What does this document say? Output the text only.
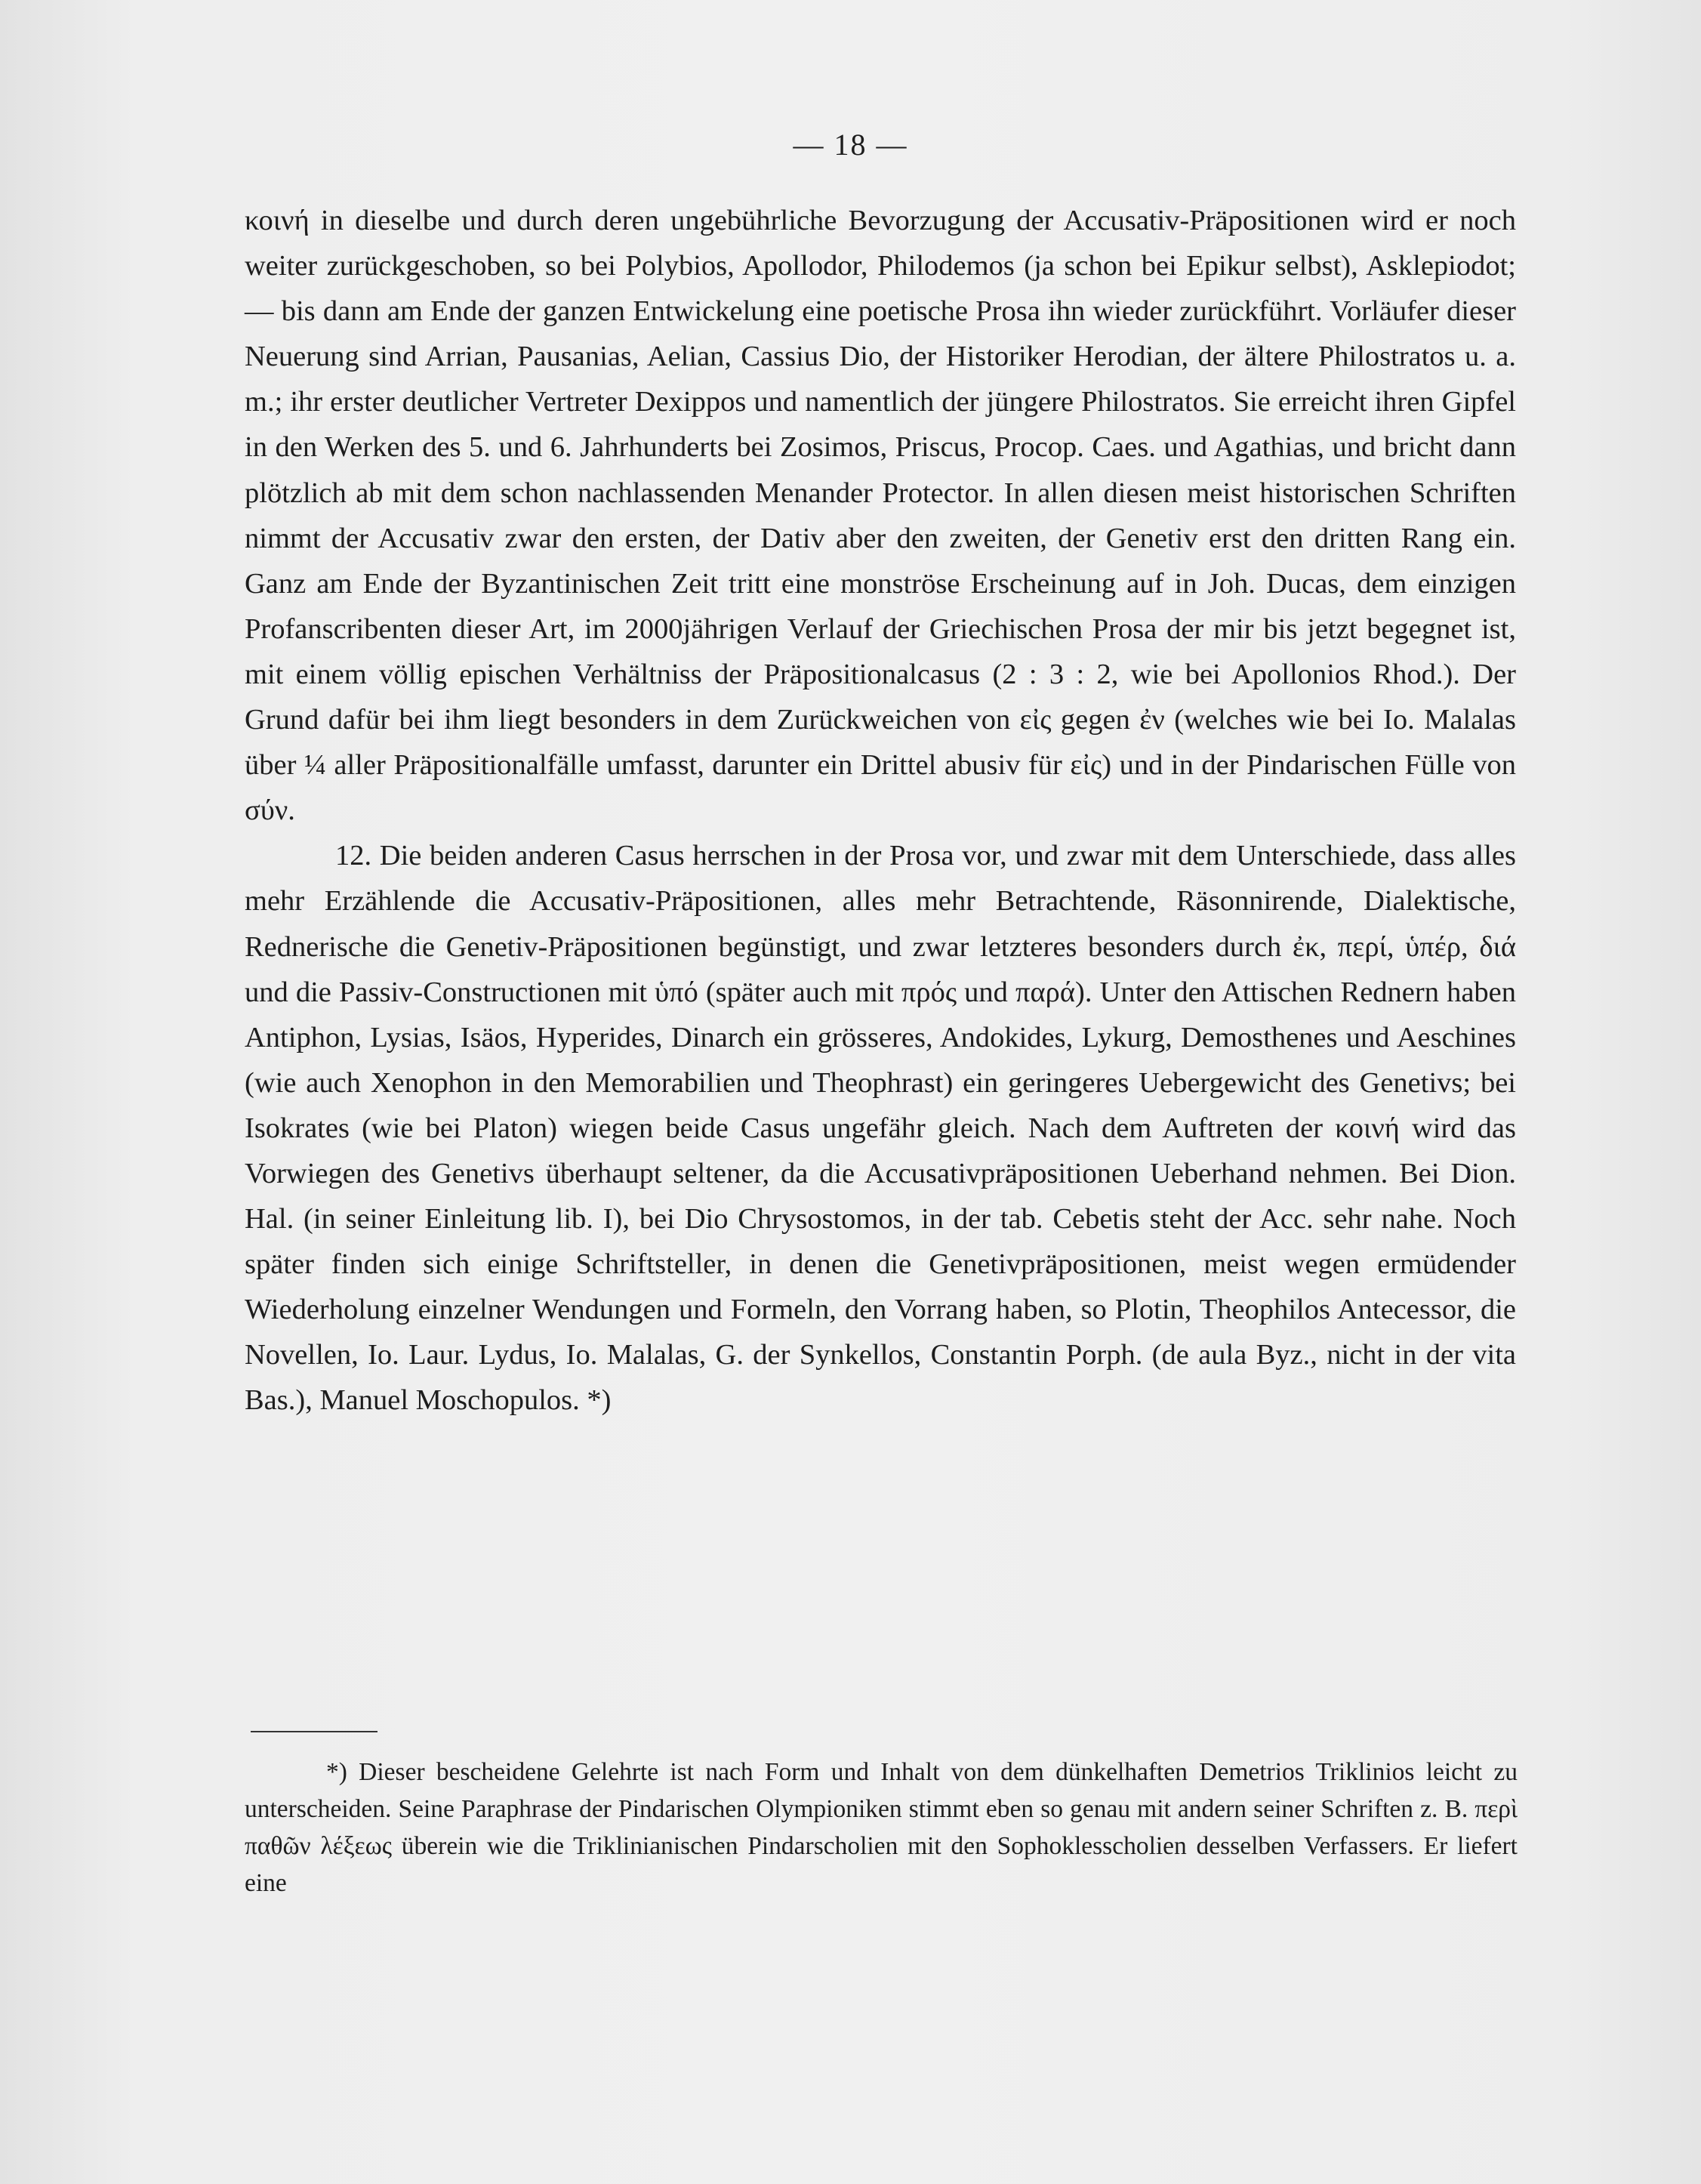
— 18 —

κοινή in dieselbe und durch deren ungebührliche Bevorzugung der Accusativ-Präpositionen wird er noch weiter zurückgeschoben, so bei Polybios, Apollodor, Philodemos (ja schon bei Epikur selbst), Asklepiodot; — bis dann am Ende der ganzen Entwickelung eine poetische Prosa ihn wieder zurückführt. Vorläufer dieser Neuerung sind Arrian, Pausanias, Aelian, Cassius Dio, der Historiker Herodian, der ältere Philostratos u. a. m.; ihr erster deutlicher Vertreter Dexippos und namentlich der jüngere Philostratos. Sie erreicht ihren Gipfel in den Werken des 5. und 6. Jahrhunderts bei Zosimos, Priscus, Procop. Caes. und Agathias, und bricht dann plötzlich ab mit dem schon nachlassenden Menander Protector. In allen diesen meist historischen Schriften nimmt der Accusativ zwar den ersten, der Dativ aber den zweiten, der Genetiv erst den dritten Rang ein. Ganz am Ende der Byzantinischen Zeit tritt eine monströse Erscheinung auf in Joh. Ducas, dem einzigen Profanscribenten dieser Art, im 2000jährigen Verlauf der Griechischen Prosa der mir bis jetzt begegnet ist, mit einem völlig epischen Verhältniss der Präpositionalcasus (2 : 3 : 2, wie bei Apollonios Rhod.). Der Grund dafür bei ihm liegt besonders in dem Zurückweichen von εἰς gegen ἐν (welches wie bei Io. Malalas über ¼ aller Präpositionalfälle umfasst, darunter ein Drittel abusiv für εἰς) und in der Pindarischen Fülle von σύν.

12. Die beiden anderen Casus herrschen in der Prosa vor, und zwar mit dem Unterschiede, dass alles mehr Erzählende die Accusativ-Präpositionen, alles mehr Betrachtende, Räsonnirende, Dialektische, Rednerische die Genetiv-Präpositionen begünstigt, und zwar letzteres besonders durch ἐκ, περί, ὑπέρ, διά und die Passiv-Constructionen mit ὑπό (später auch mit πρός und παρά). Unter den Attischen Rednern haben Antiphon, Lysias, Isäos, Hyperides, Dinarch ein grösseres, Andokides, Lykurg, Demosthenes und Aeschines (wie auch Xenophon in den Memorabilien und Theophrast) ein geringeres Uebergewicht des Genetivs; bei Isokrates (wie bei Platon) wiegen beide Casus ungefähr gleich. Nach dem Auftreten der κοινή wird das Vorwiegen des Genetivs überhaupt seltener, da die Accusativpräpositionen Ueberhand nehmen. Bei Dion. Hal. (in seiner Einleitung lib. I), bei Dio Chrysostomos, in der tab. Cebetis steht der Acc. sehr nahe. Noch später finden sich einige Schriftsteller, in denen die Genetivpräpositionen, meist wegen ermüdender Wiederholung einzelner Wendungen und Formeln, den Vorrang haben, so Plotin, Theophilos Antecessor, die Novellen, Io. Laur. Lydus, Io. Malalas, G. der Synkellos, Constantin Porph. (de aula Byz., nicht in der vita Bas.), Manuel Moschopulos. *)

*) Dieser bescheidene Gelehrte ist nach Form und Inhalt von dem dünkelhaften Demetrios Triklinios leicht zu unterscheiden. Seine Paraphrase der Pindarischen Olympioniken stimmt eben so genau mit andern seiner Schriften z. B. περὶ παθῶν λέξεως überein wie die Triklinianischen Pindarscholien mit den Sophoklesscholien desselben Verfassers. Er liefert eine
